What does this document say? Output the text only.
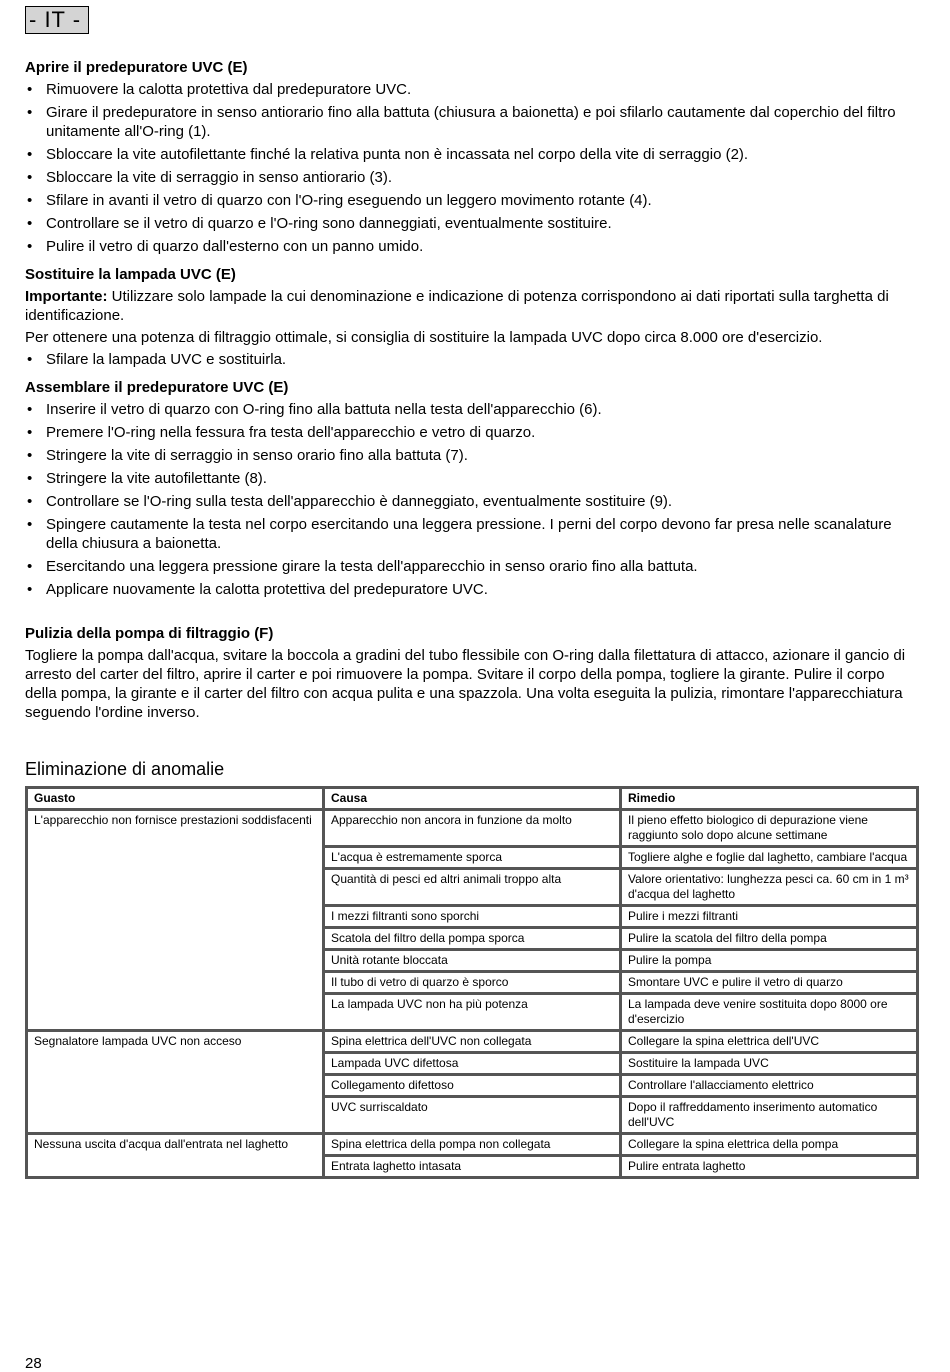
- IT -
Aprire il predepuratore UVC (E)
• Rimuovere la calotta protettiva dal predepuratore UVC.
• Girare il predepuratore in senso antiorario fino alla battuta (chiusura a baionetta) e poi sfilarlo cautamente dal coperchio del filtro unitamente all'O-ring (1).
• Sbloccare la vite autofilettante finché la relativa punta non è incassata nel corpo della vite di serraggio (2).
• Sbloccare la vite di serraggio in senso antiorario (3).
• Sfilare in avanti il vetro di quarzo con l'O-ring eseguendo un leggero movimento rotante (4).
• Controllare se il vetro di quarzo e l'O-ring sono danneggiati, eventualmente sostituire.
• Pulire il vetro di quarzo dall'esterno con un panno umido.
Sostituire la lampada UVC (E)

Importante: Utilizzare solo lampade la cui denominazione e indicazione di potenza corrispondono ai dati riportati sulla targhetta di identificazione.

Per ottenere una potenza di filtraggio ottimale, si consiglia di sostituire la lampada UVC dopo circa 8.000 ore d'esercizio.

• Sfilare la lampada UVC e sostituirla.
Assemblare il predepuratore UVC (E)
• Inserire il vetro di quarzo con O-ring fino alla battuta nella testa dell'apparecchio (6).
• Premere l'O-ring nella fessura fra testa dell'apparecchio e vetro di quarzo.
• Stringere la vite di serraggio in senso orario fino alla battuta (7).
• Stringere la vite autofilettante (8).
• Controllare se l'O-ring sulla testa dell'apparecchio è danneggiato, eventualmente sostituire (9).
• Spingere cautamente la testa nel corpo esercitando una leggera pressione. I perni del corpo devono far presa nelle scanalature della chiusura a baionetta.
• Esercitando una leggera pressione girare la testa dell'apparecchio in senso orario fino alla battuta.
• Applicare nuovamente la calotta protettiva del predepuratore UVC.
Pulizia della pompa di filtraggio (F)

Togliere la pompa dall'acqua, svitare la boccola a gradini del tubo flessibile con O-ring dalla filettatura di attacco, azionare il gancio di arresto del carter del filtro, aprire il carter e poi rimuovere la pompa. Svitare il corpo della pompa, togliere la girante. Pulire il corpo della pompa, la girante e il carter del filtro con acqua pulita e una spazzola. Una volta eseguita la pulizia, rimontare l'apparecchiatura seguendo l'ordine inverso.

Eliminazione di anomalie
Guasto	Causa	Rimedio
L'apparecchio non fornisce prestazioni soddisfacenti	Apparecchio non ancora in funzione da molto	Il pieno effetto biologico di depurazione viene raggiunto solo dopo alcune settimane
	L'acqua è estremamente sporca	Togliere alghe e foglie dal laghetto, cambiare l'acqua
	Quantità di pesci ed altri animali troppo alta	Valore orientativo: lunghezza pesci ca. 60 cm in 1 m³ d'acqua del laghetto
	I mezzi filtranti sono sporchi	Pulire i mezzi filtranti
	Scatola del filtro della pompa sporca	Pulire la scatola del filtro della pompa
	Unità rotante bloccata	Pulire la pompa
	Il tubo di vetro di quarzo è sporco	Smontare UVC e pulire il vetro di quarzo
	La lampada UVC non ha più potenza	La lampada deve venire sostituita dopo 8000 ore d'esercizio
Segnalatore lampada UVC non acceso	Spina elettrica dell'UVC non collegata	Collegare la spina elettrica dell'UVC
	Lampada UVC difettosa	Sostituire la lampada UVC
	Collegamento difettoso	Controllare l'allacciamento elettrico
	UVC surriscaldato	Dopo il raffreddamento inserimento automatico dell'UVC
Nessuna uscita d'acqua dall'entrata nel laghetto	Spina elettrica della pompa non collegata	Collegare la spina elettrica della pompa
	Entrata laghetto intasata	Pulire entrata laghetto
28
